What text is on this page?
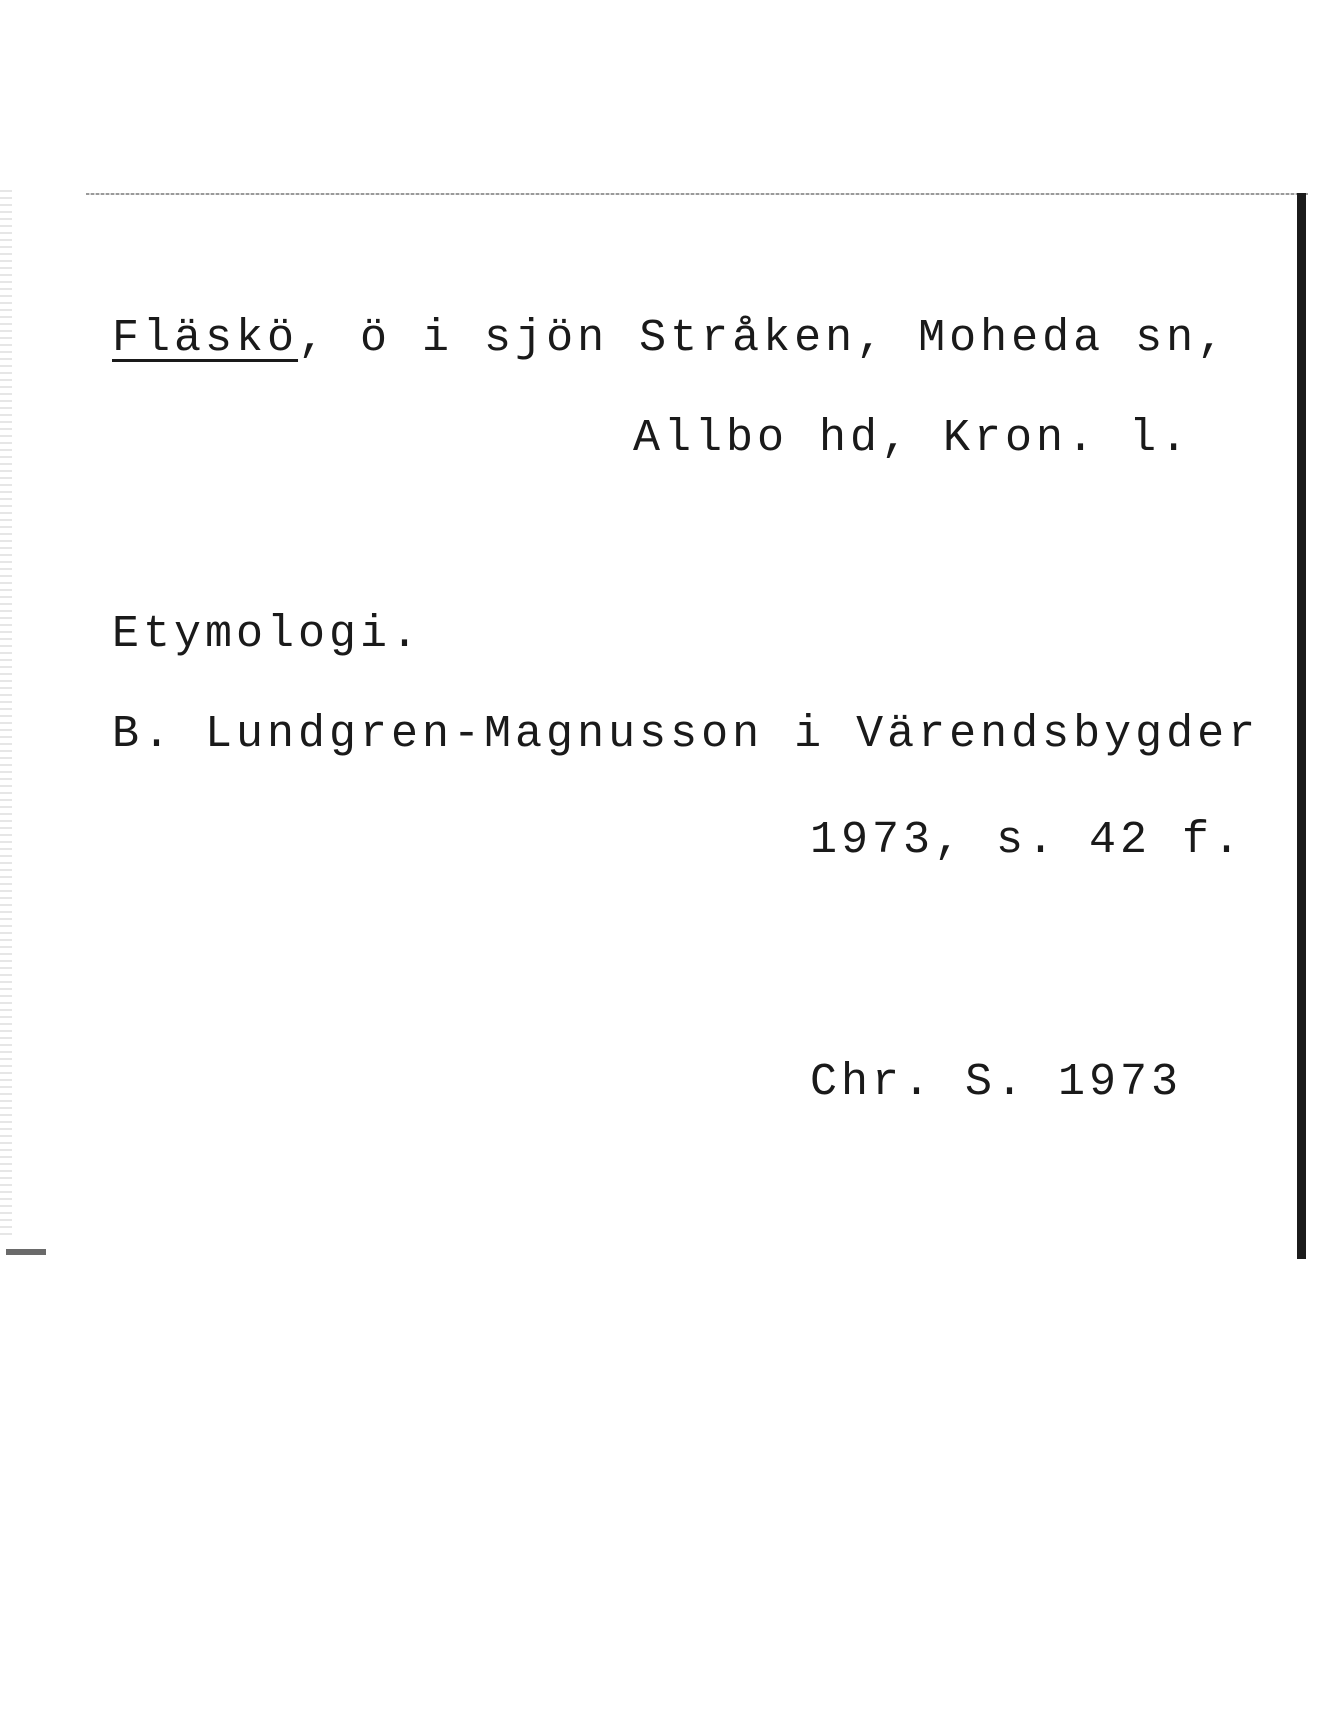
Fläskö, ö i sjön Stråken, Moheda sn,
Allbo hd, Kron. l.
Etymologi.
B. Lundgren-Magnusson i Värendsbygder
1973, s. 42 f.
Chr. S. 1973
